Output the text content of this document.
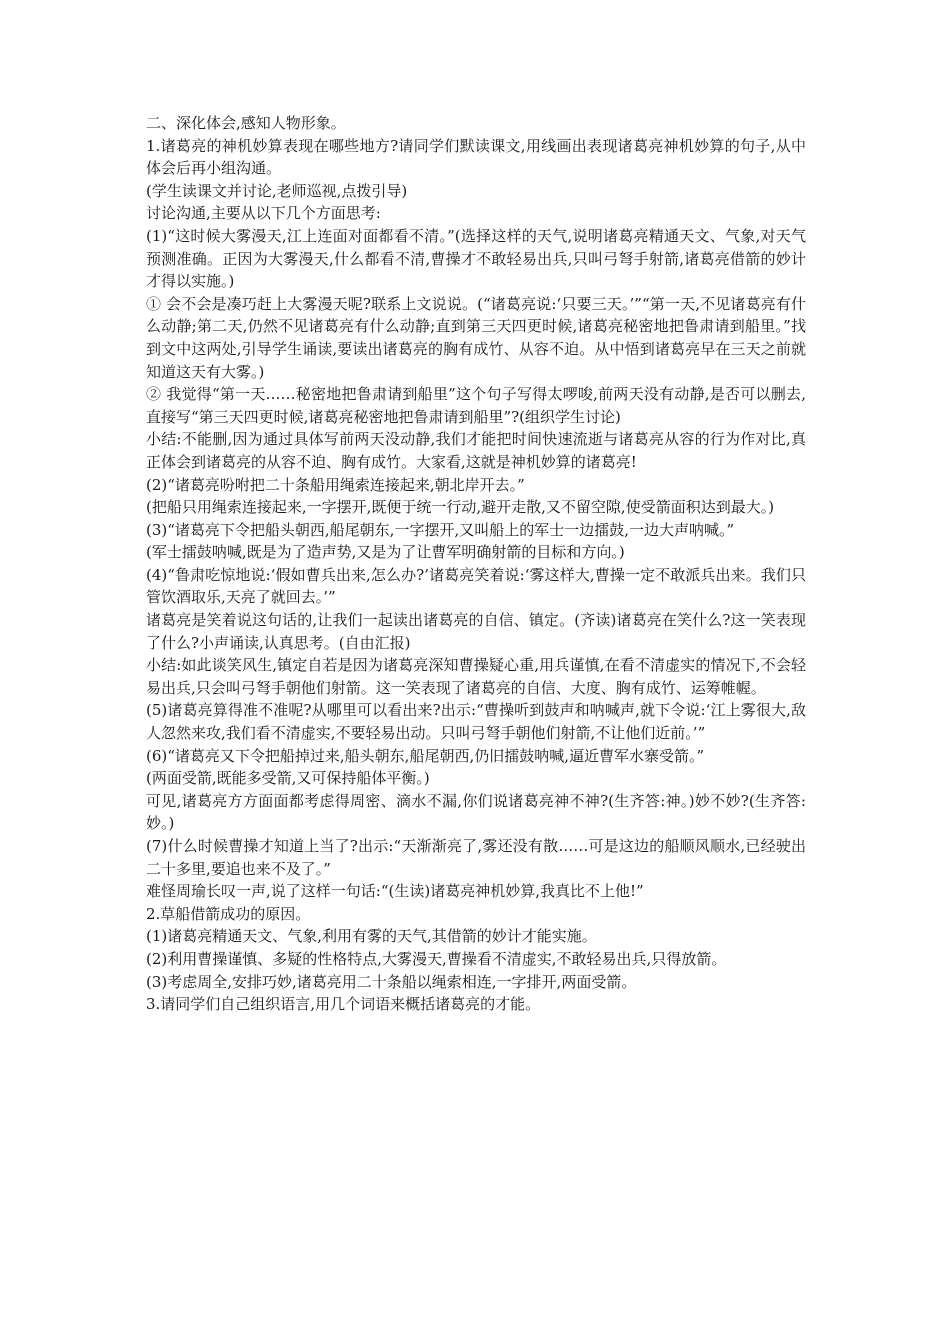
二、深化体会,感知人物形象。

1.诸葛亮的神机妙算表现在哪些地方?请同学们默读课文,用线画出表现诸葛亮神机妙算的句子,从中体会后再小组沟通。

(学生读课文并讨论,老师巡视,点拨引导)

讨论沟通,主要从以下几个方面思考:

(1)“这时候大雾漫天,江上连面对面都看不清。”(选择这样的天气,说明诸葛亮精通天文、气象,对天气预测准确。正因为大雾漫天,什么都看不清,曹操才不敢轻易出兵,只叫弓弩手射箭,诸葛亮借箭的妙计才得以实施。)

① 会不会是凑巧赶上大雾漫天呢?联系上文说说。(“诸葛亮说:‘只要三天。’”“第一天,不见诸葛亮有什么动静;第二天,仍然不见诸葛亮有什么动静;直到第三天四更时候,诸葛亮秘密地把鲁肃请到船里。”找到文中这两处,引导学生诵读,要读出诸葛亮的胸有成竹、从容不迫。从中悟到诸葛亮早在三天之前就知道这天有大雾。)

② 我觉得“第一天……秘密地把鲁肃请到船里”这个句子写得太啰唆,前两天没有动静,是否可以删去,直接写“第三天四更时候,诸葛亮秘密地把鲁肃请到船里”?(组织学生讨论)

小结:不能删,因为通过具体写前两天没动静,我们才能把时间快速流逝与诸葛亮从容的行为作对比,真正体会到诸葛亮的从容不迫、胸有成竹。大家看,这就是神机妙算的诸葛亮!

(2)“诸葛亮吩咐把二十条船用绳索连接起来,朝北岸开去。”

(把船只用绳索连接起来,一字摆开,既便于统一行动,避开走散,又不留空隙,使受箭面积达到最大。)

(3)“诸葛亮下令把船头朝西,船尾朝东,一字摆开,又叫船上的军士一边擂鼓,一边大声呐喊。”

(军士擂鼓呐喊,既是为了造声势,又是为了让曹军明确射箭的目标和方向。)

(4)“鲁肃吃惊地说:‘假如曹兵出来,怎么办?’诸葛亮笑着说:‘雾这样大,曹操一定不敢派兵出来。我们只管饮酒取乐,天亮了就回去。’”

诸葛亮是笑着说这句话的,让我们一起读出诸葛亮的自信、镇定。(齐读)诸葛亮在笑什么?这一笑表现了什么?小声诵读,认真思考。(自由汇报)

小结:如此谈笑风生,镇定自若是因为诸葛亮深知曹操疑心重,用兵谨慎,在看不清虚实的情况下,不会轻易出兵,只会叫弓弩手朝他们射箭。这一笑表现了诸葛亮的自信、大度、胸有成竹、运筹帷幄。

(5)诸葛亮算得准不准呢?从哪里可以看出来?出示:“曹操听到鼓声和呐喊声,就下令说:‘江上雾很大,敌人忽然来攻,我们看不清虚实,不要轻易出动。只叫弓弩手朝他们射箭,不让他们近前。’”

(6)“诸葛亮又下令把船掉过来,船头朝东,船尾朝西,仍旧擂鼓呐喊,逼近曹军水寨受箭。”

(两面受箭,既能多受箭,又可保持船体平衡。)

可见,诸葛亮方方面面都考虑得周密、滴水不漏,你们说诸葛亮神不神?(生齐答:神。)妙不妙?(生齐答:妙。)

(7)什么时候曹操才知道上当了?出示:“天渐渐亮了,雾还没有散……可是这边的船顺风顺水,已经驶出二十多里,要追也来不及了。”

难怪周瑜长叹一声,说了这样一句话:“(生读)诸葛亮神机妙算,我真比不上他!”

2.草船借箭成功的原因。

(1)诸葛亮精通天文、气象,利用有雾的天气,其借箭的妙计才能实施。

(2)利用曹操谨慎、多疑的性格特点,大雾漫天,曹操看不清虚实,不敢轻易出兵,只得放箭。

(3)考虑周全,安排巧妙,诸葛亮用二十条船以绳索相连,一字排开,两面受箭。

3.请同学们自己组织语言,用几个词语来概括诸葛亮的才能。
